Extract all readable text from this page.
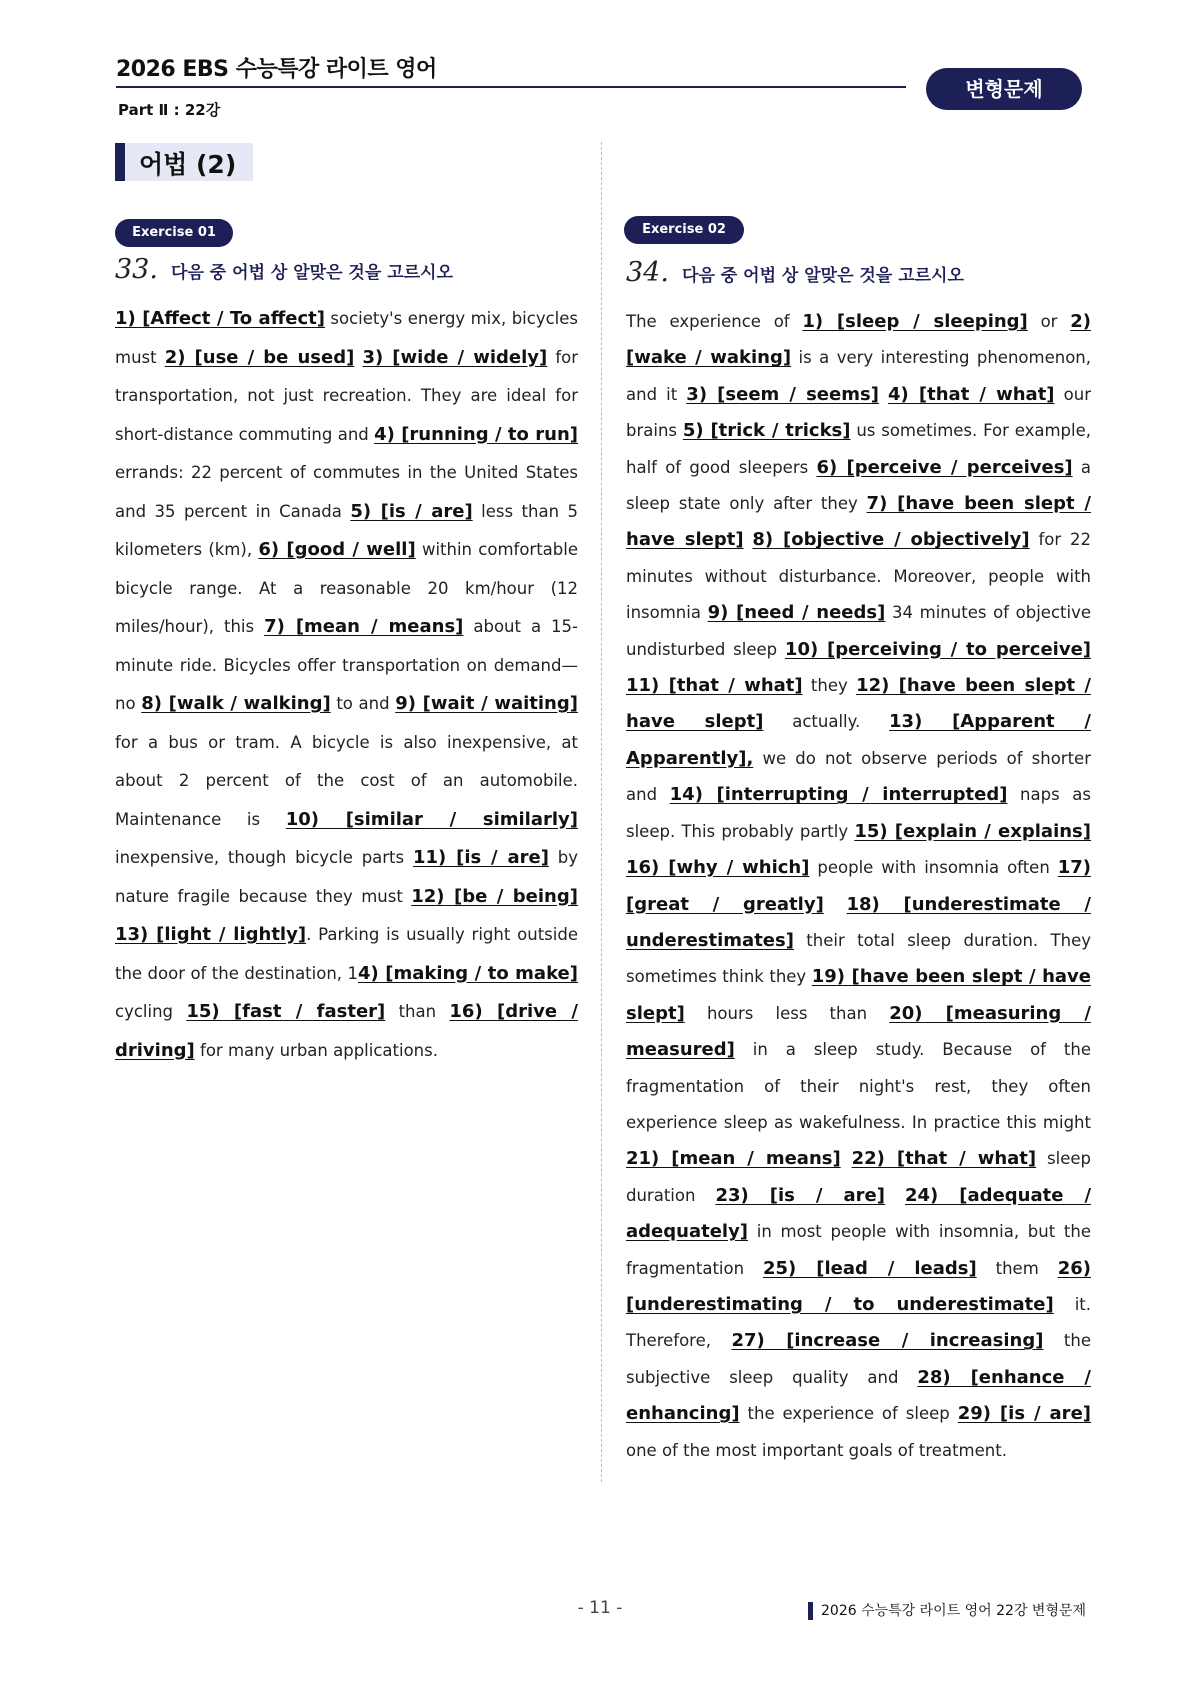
2026 EBS 수능특강 라이트 영어
변형문제
Part Ⅱ : 22강
어법 (2)
Exercise 01
33. 다음 중 어법 상 알맞은 것을 고르시오

1) [Affect / To affect] society's energy mix, bicycles must 2) [use / be used] 3) [wide / widely] for transportation, not just recreation. They are ideal for short-distance commuting and 4) [running / to run] errands: 22 percent of commutes in the United States and 35 percent in Canada 5) [is / are] less than 5 kilometers (km), 6) [good / well] within comfortable bicycle range. At a reasonable 20 km/hour (12 miles/hour), this 7) [mean / means] about a 15-minute ride. Bicycles offer transportation on demand—no 8) [walk / walking] to and 9) [wait / waiting] for a bus or tram. A bicycle is also inexpensive, at about 2 percent of the cost of an automobile. Maintenance is 10) [similar / similarly] inexpensive, though bicycle parts 11) [is / are] by nature fragile because they must 12) [be / being] 13) [light / lightly]. Parking is usually right outside the door of the destination, 14) [making / to make] cycling 15) [fast / faster] than 16) [drive / driving] for many urban applications.

Exercise 02
34. 다음 중 어법 상 알맞은 것을 고르시오

The experience of 1) [sleep / sleeping] or 2) [wake / waking] is a very interesting phenomenon, and it 3) [seem / seems] 4) [that / what] our brains 5) [trick / tricks] us sometimes. For example, half of good sleepers 6) [perceive / perceives] a sleep state only after they 7) [have been slept / have slept] 8) [objective / objectively] for 22 minutes without disturbance. Moreover, people with insomnia 9) [need / needs] 34 minutes of objective undisturbed sleep 10) [perceiving / to perceive] 11) [that / what] they 12) [have been slept / have slept] actually. 13) [Apparent / Apparently], we do not observe periods of shorter and 14) [interrupting / interrupted] naps as sleep. This probably partly 15) [explain / explains] 16) [why / which] people with insomnia often 17) [great / greatly] 18) [underestimate / underestimates] their total sleep duration. They sometimes think they 19) [have been slept / have slept] hours less than 20) [measuring / measured] in a sleep study. Because of the fragmentation of their night's rest, they often experience sleep as wakefulness. In practice this might 21) [mean / means] 22) [that / what] sleep duration 23) [is / are] 24) [adequate / adequately] in most people with insomnia, but the fragmentation 25) [lead / leads] them 26) [underestimating / to underestimate] it. Therefore, 27) [increase / increasing] the subjective sleep quality and 28) [enhance / enhancing] the experience of sleep 29) [is / are] one of the most important goals of treatment.

- 11 -	2026 수능특강 라이트 영어 22강 변형문제
